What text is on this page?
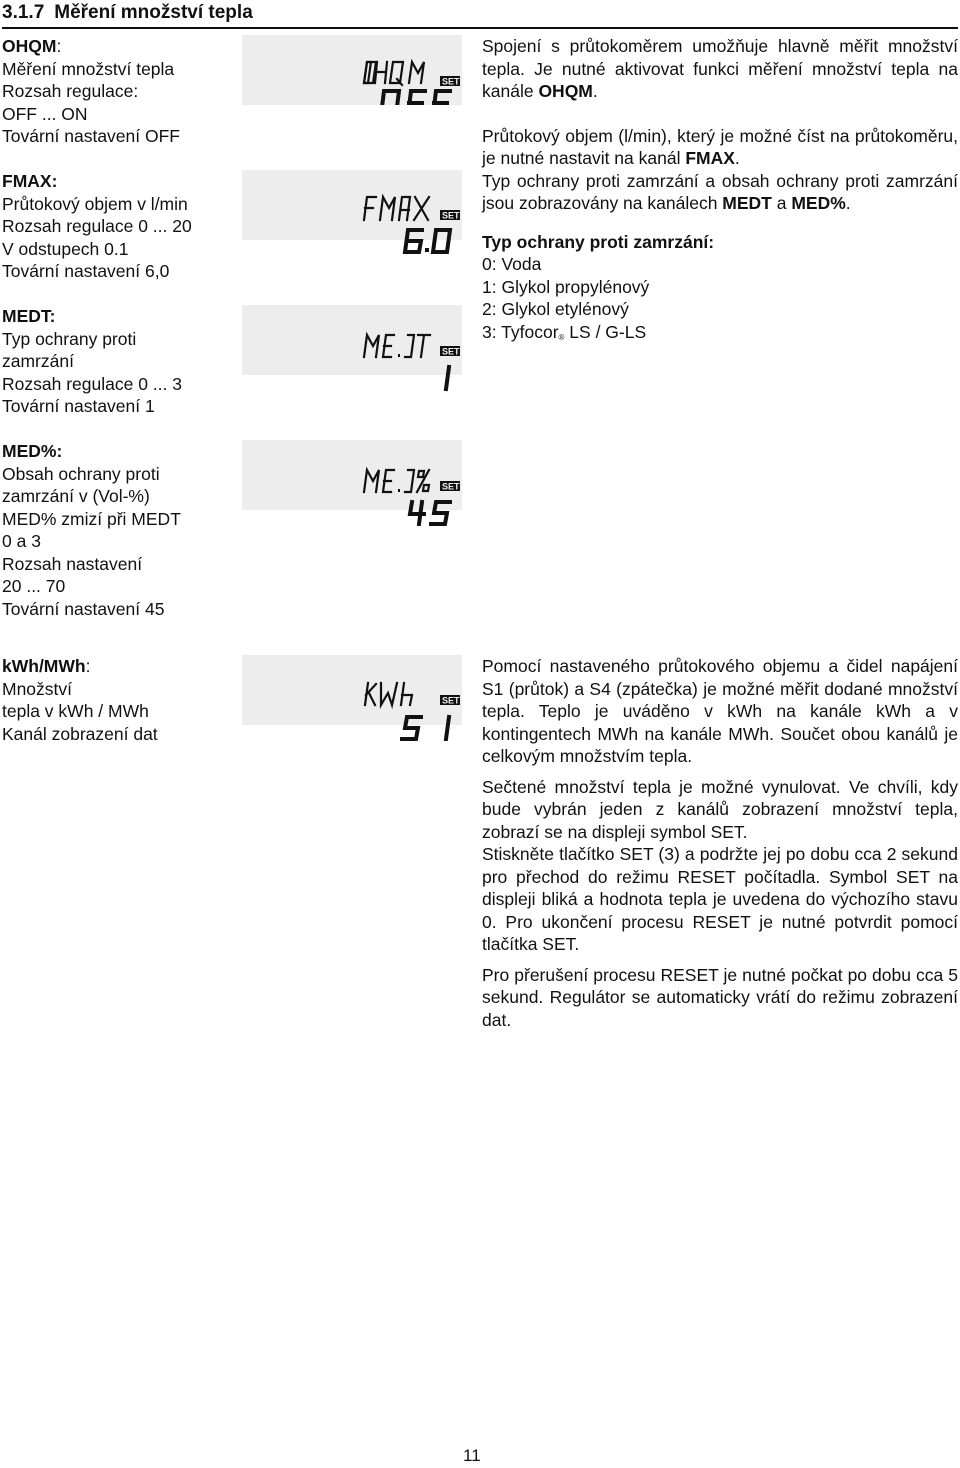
3.1.7 Měření množství tepla
OHQM:
Měření množství tepla
Rozsah regulace:
OFF ... ON
Tovární nastavení OFF
SET

Spojení s průtokoměrem umožňuje hlavně měřit množství tepla. Je nutné aktivovat funkci měření množství tepla na kanále OHQM.

Průtokový objem (l/min), který je možné číst na průtokoměru, je nutné nastavit na kanál FMAX.

Typ ochrany proti zamrzání a obsah ochrany proti zamrzání jsou zobrazovány na kanálech MEDT a MED%.

Typ ochrany proti zamrzání:
0: Voda
1: Glykol propylénový
2: Glykol etylénový
3: Tyfocor® LS / G-LS

FMAX:
Průtokový objem v l/min
Rozsah regulace 0 ... 20
V odstupech 0.1
Tovární nastavení 6,0
SET
MEDT:
Typ ochrany proti
zamrzání
Rozsah regulace 0 ... 3
Tovární nastavení 1
SET
MED%:
Obsah ochrany proti
zamrzání v (Vol-%)
MED% zmizí při MEDT
0 a 3
Rozsah nastavení
20 ... 70
Tovární nastavení 45
SET
kWh/MWh:
Množství
tepla v kWh / MWh
Kanál zobrazení dat
SET

Pomocí nastaveného průtokového objemu a čidel napájení S1 (průtok) a S4 (zpátečka) je možné měřit dodané množství tepla. Teplo je uváděno v kWh na kanále kWh a v kontingentech MWh na kanále MWh. Součet obou kanálů je celkovým množstvím tepla.

Sečtené množství tepla je možné vynulovat. Ve chvíli, kdy bude vybrán jeden z kanálů zobrazení množství tepla, zobrazí se na displeji symbol SET.

Stiskněte tlačítko SET (3) a podržte jej po dobu cca 2 sekund pro přechod do režimu RESET počítadla. Symbol SET na displeji bliká a hodnota tepla je uvedena do výchozího stavu 0. Pro ukončení procesu RESET je nutné potvrdit pomocí tlačítka SET.

Pro přerušení procesu RESET je nutné počkat po dobu cca 5 sekund. Regulátor se automaticky vrátí do režimu zobrazení dat.

11
